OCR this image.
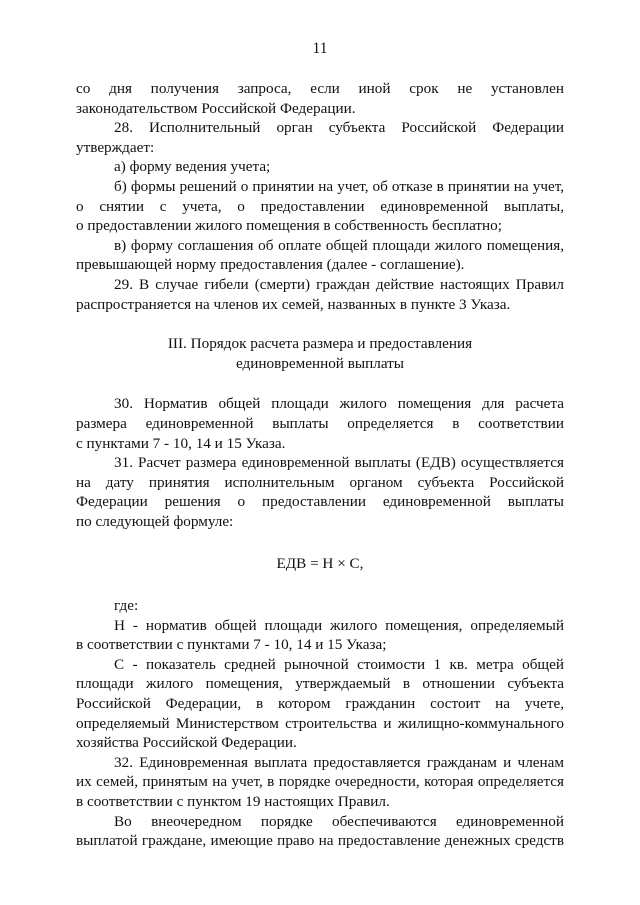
11

со дня получения запроса, если иной срок не установлен

законодательством Российской Федерации.

28. Исполнительный орган субъекта Российской Федерации

утверждает:

а) форму ведения учета;

б) формы решений о принятии на учет, об отказе в принятии на учет,

о снятии с учета, о предоставлении единовременной выплаты,

о предоставлении жилого помещения в собственность бесплатно;

в) форму соглашения об оплате общей площади жилого помещения,

превышающей норму предоставления (далее - соглашение).

29. В случае гибели (смерти) граждан действие настоящих Правил

распространяется на членов их семей, названных в пункте 3 Указа.

III. Порядок расчета размера и предоставления

единовременной выплаты

30. Норматив общей площади жилого помещения для расчета

размера единовременной выплаты определяется в соответствии

с пунктами 7 - 10, 14 и 15 Указа.

31. Расчет размера единовременной выплаты (ЕДВ) осуществляется

на дату принятия исполнительным органом субъекта Российской

Федерации решения о предоставлении единовременной выплаты

по следующей формуле:

ЕДВ = Н × С,

где:

Н - норматив общей площади жилого помещения, определяемый

в соответствии с пунктами 7 - 10, 14 и 15 Указа;

С - показатель средней рыночной стоимости 1 кв. метра общей

площади жилого помещения, утверждаемый в отношении субъекта

Российской Федерации, в котором гражданин состоит на учете,

определяемый Министерством строительства и жилищно-коммунального

хозяйства Российской Федерации.

32. Единовременная выплата предоставляется гражданам и членам

их семей, принятым на учет, в порядке очередности, которая определяется

в соответствии с пунктом 19 настоящих Правил.

Во внеочередном порядке обеспечиваются единовременной

выплатой граждане, имеющие право на предоставление денежных средств
